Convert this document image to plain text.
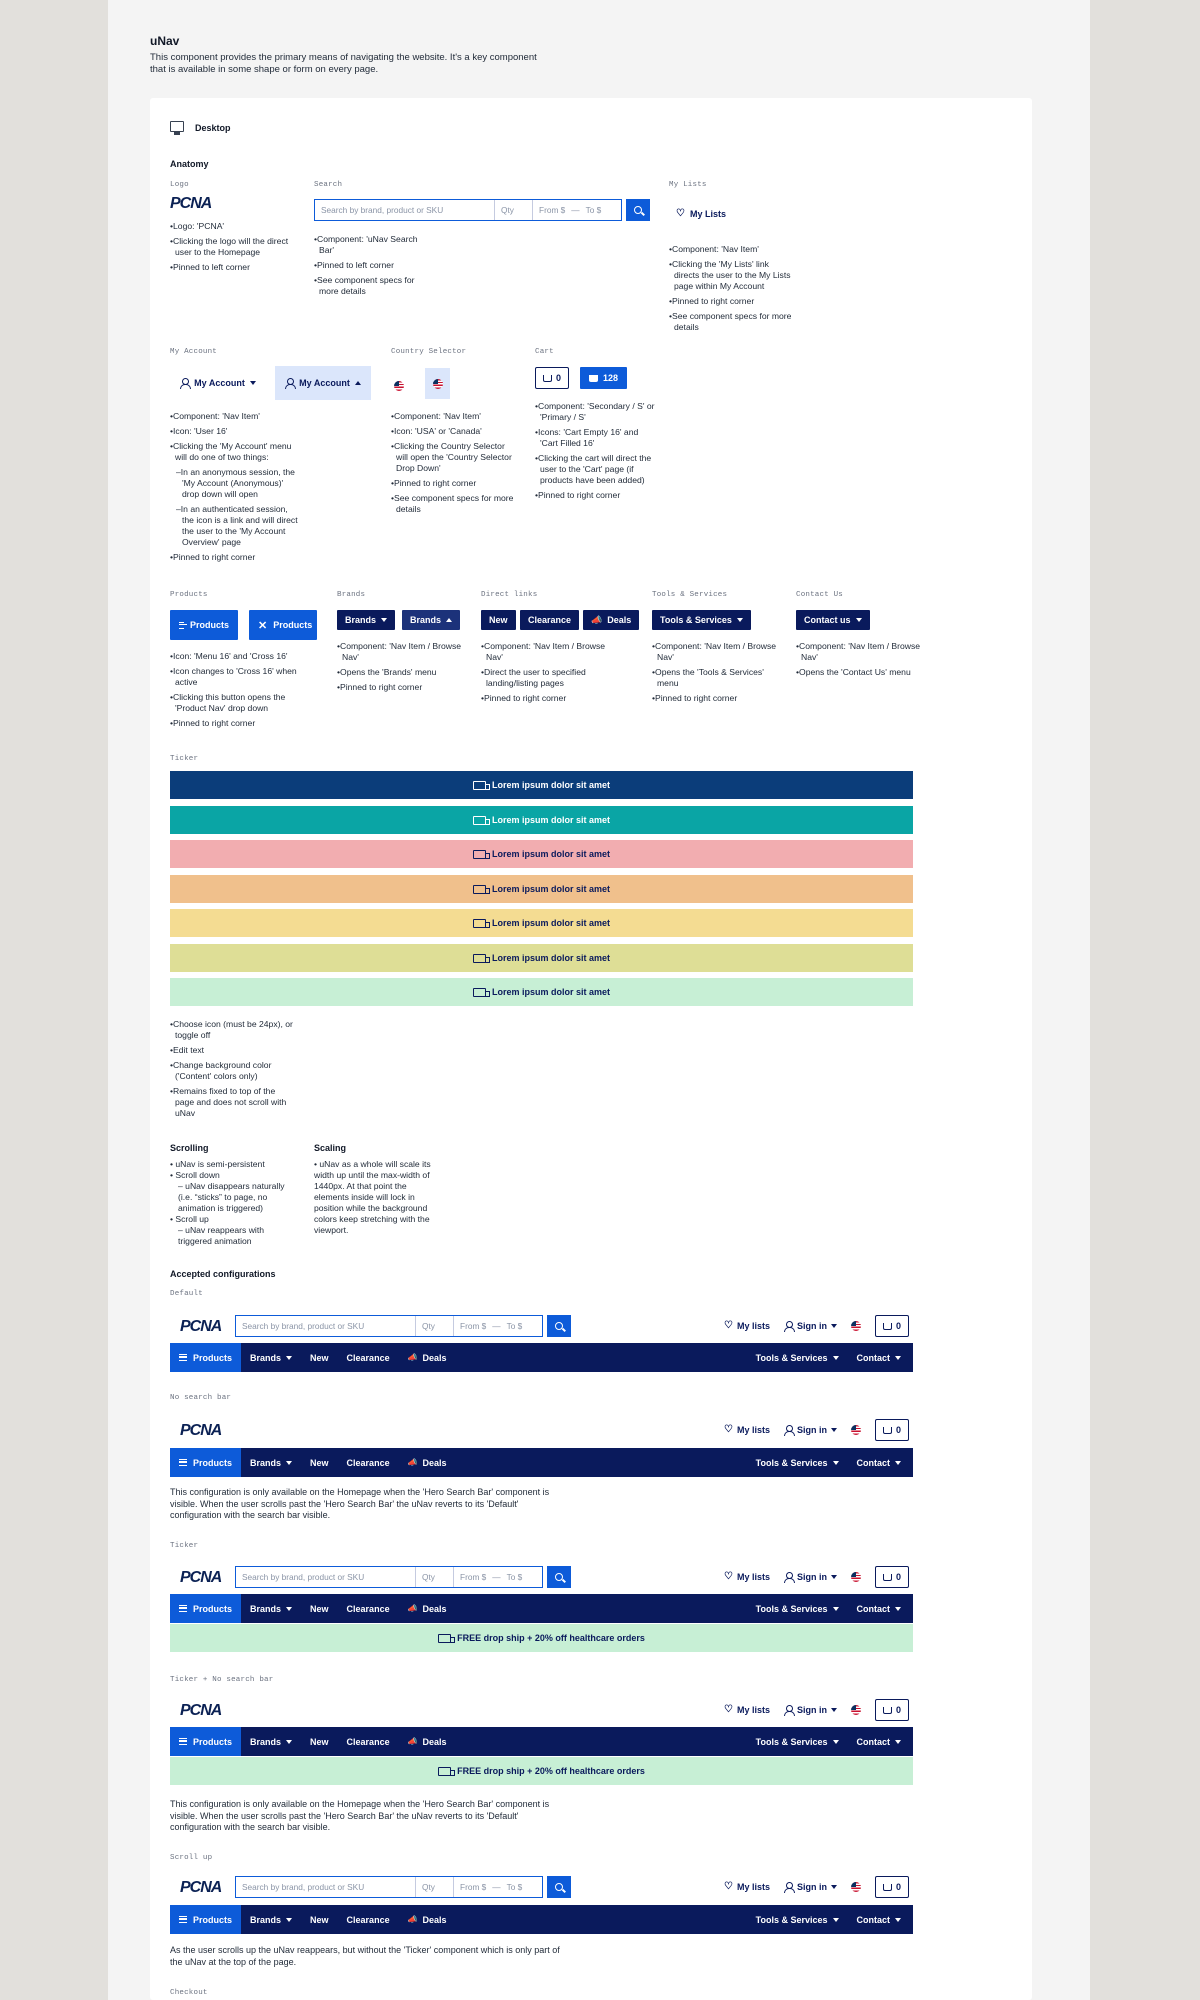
uNav
This component provides the primary means of navigating the website. It's a key component that is available in some shape or form on every page.
Desktop
Anatomy
Logo
PCNA
• Logo: 'PCNA'
• Clicking the logo will the direct user to the Homepage
• Pinned to left corner
Search
Search by brand, product or SKU	Qty	From $ — To $
• Component: 'uNav Search Bar'
• Pinned to left corner
• See component specs for more details
My Lists
♡ My Lists
• Component: 'Nav Item'
• Clicking the 'My Lists' link directs the user to the My Lists page within My Account
• Pinned to right corner
• See component specs for more details
My Account
My Account	My Account
• Component: 'Nav Item'
• Icon: 'User 16'
• Clicking the 'My Account' menu will do one of two things:
– In an anonymous session, the 'My Account (Anonymous)' drop down will open
– In an authenticated session, the icon is a link and will direct the user to the 'My Account Overview' page
• Pinned to right corner
Country Selector
• Component: 'Nav Item'
• Icon: 'USA' or 'Canada'
• Clicking the Country Selector will open the 'Country Selector Drop Down'
• Pinned to right corner
• See component specs for more details
Cart
0	128
• Component: 'Secondary / S' or 'Primary / S'
• Icons: 'Cart Empty 16' and 'Cart Filled 16'
• Clicking the cart will direct the user to the 'Cart' page (if products have been added)
• Pinned to right corner
Products
Products	✕ Products
• Icon: 'Menu 16' and 'Cross 16'
• Icon changes to 'Cross 16' when active
• Clicking this button opens the 'Product Nav' drop down
• Pinned to right corner
Brands
Brands	Brands
• Component: 'Nav Item / Browse Nav'
• Opens the 'Brands' menu
• Pinned to right corner
Direct links
New Clearance 📣 Deals
• Component: 'Nav Item / Browse Nav'
• Direct the user to specified landing/listing pages
• Pinned to right corner
Tools & Services
Tools & Services
• Component: 'Nav Item / Browse Nav'
• Opens the 'Tools & Services' menu
• Pinned to right corner
Contact Us
Contact us
• Component: 'Nav Item / Browse Nav'
• Opens the 'Contact Us' menu
Ticker
Lorem ipsum dolor sit amet
Lorem ipsum dolor sit amet
Lorem ipsum dolor sit amet
Lorem ipsum dolor sit amet
Lorem ipsum dolor sit amet
Lorem ipsum dolor sit amet
Lorem ipsum dolor sit amet
• Choose icon (must be 24px), or toggle off
• Edit text
• Change background color ('Content' colors only)
• Remains fixed to top of the page and does not scroll with uNav
Scrolling
• uNav is semi-persistent
• Scroll down
– uNav disappears naturally (i.e. “sticks” to page, no animation is triggered)
• Scroll up
– uNav reappears with triggered animation
Scaling
• uNav as a whole will scale its width up until the max-width of 1440px. At that point the elements inside will lock in position while the background colors keep stretching with the viewport.
Accepted configurations
Default
PCNA	Search by brand, product or SKU	Qty	From $ — To $	♡ My lists	Sign in	0
Products Brands	New Clearance 📣 Deals	Tools & Services	Contact
No search bar
PCNA	♡ My lists	Sign in	0
Products Brands	New Clearance 📣 Deals	Tools & Services	Contact
This configuration is only available on the Homepage when the 'Hero Search Bar' component is visible. When the user scrolls past the 'Hero Search Bar' the uNav reverts to its 'Default' configuration with the search bar visible.
Ticker
PCNA	Search by brand, product or SKU	Qty	From $ — To $	♡ My lists	Sign in	0
Products Brands	New Clearance 📣 Deals	Tools & Services	Contact
FREE drop ship + 20% off healthcare orders
Ticker + No search bar
PCNA	♡ My lists	Sign in	0
Products Brands	New Clearance 📣 Deals	Tools & Services	Contact
FREE drop ship + 20% off healthcare orders
This configuration is only available on the Homepage when the 'Hero Search Bar' component is visible. When the user scrolls past the 'Hero Search Bar' the uNav reverts to its 'Default' configuration with the search bar visible.
Scroll up
PCNA	Search by brand, product or SKU	Qty	From $ — To $	♡ My lists	Sign in	0
Products Brands	New Clearance 📣 Deals	Tools & Services	Contact
As the user scrolls up the uNav reappears, but without the 'Ticker' component which is only part of the uNav at the top of the page.
Checkout
